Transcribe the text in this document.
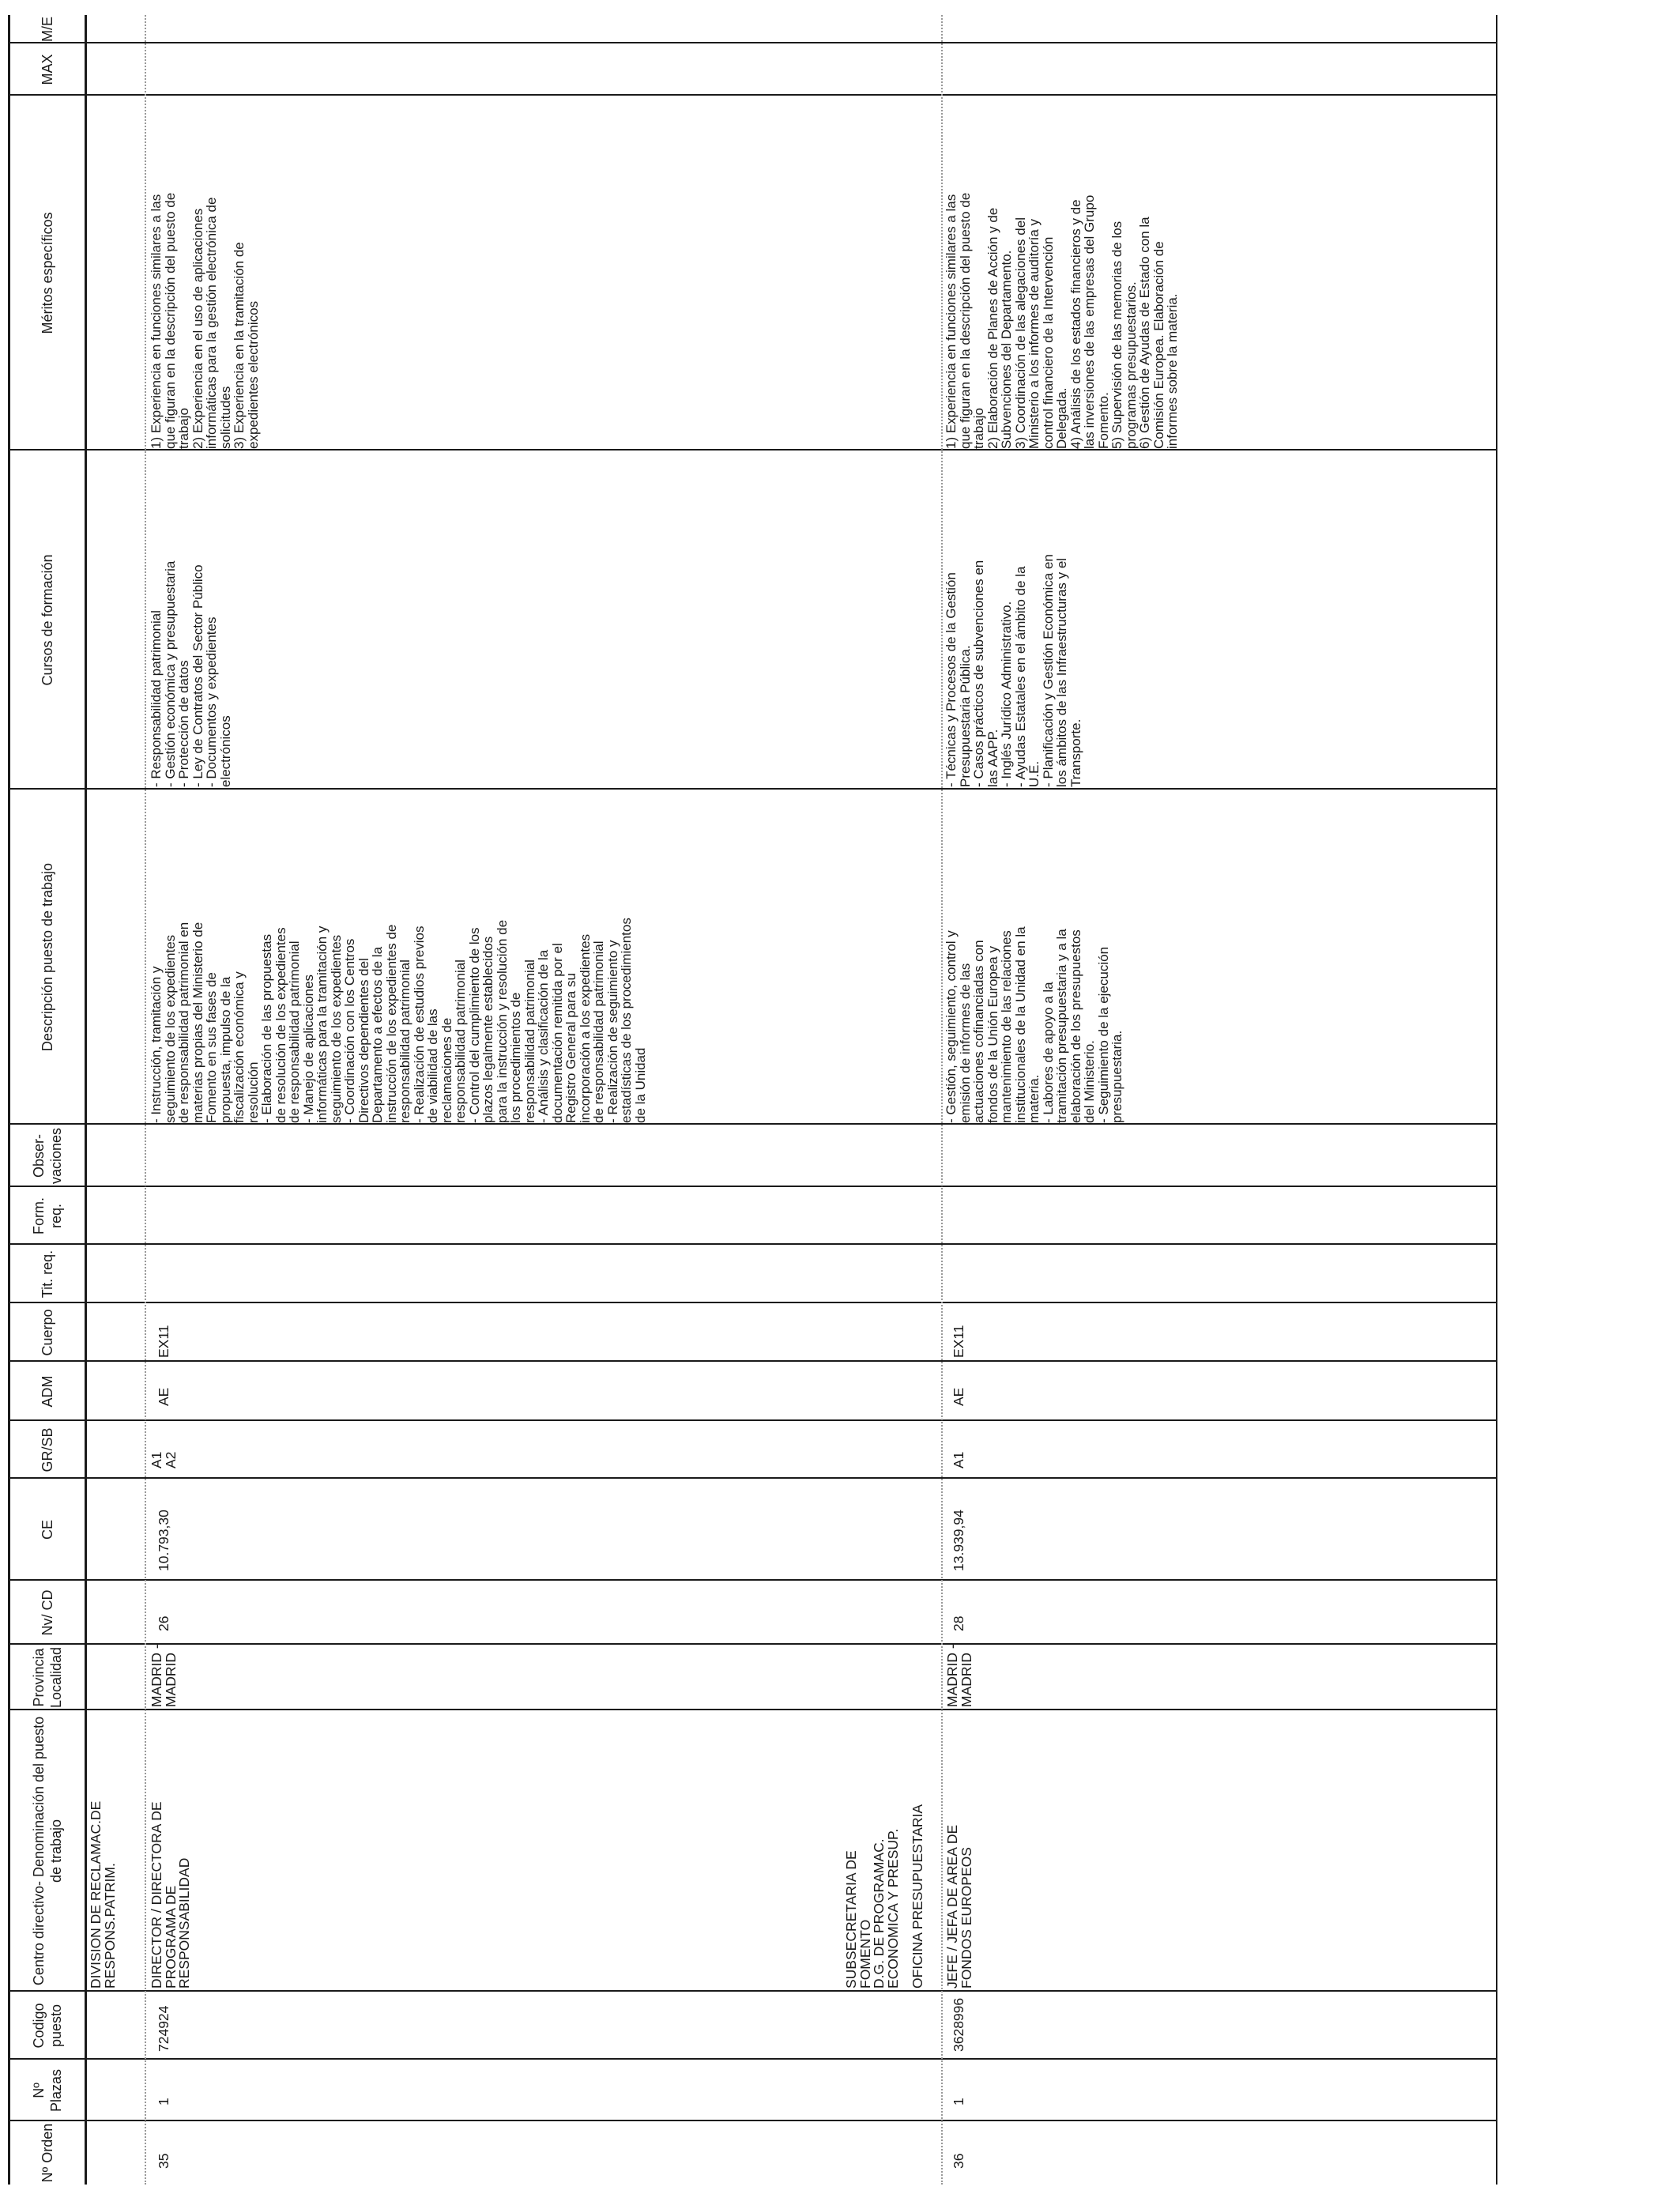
Nº Orden
Nº Plazas
Codigo puesto
Centro directivo- Denominación del puesto de trabajo
Provincia Localidad
Nv/ CD
CE
GR/SB
ADM
Cuerpo
Tit. req.
Form. req.
Obser- vaciones
Descripción puesto de trabajo
Cursos de formación
Méritos específicos
MAX
M/E
DIVISION DE RECLAMAC.DE
RESPONS.PATRIM.
35
1
724924
DIRECTOR / DIRECTORA DE
PROGRAMA DE
RESPONSABILIDAD
MADRID -
MADRID
26
10.793,30
A1
A2
AE
EX11
- Instrucción, tramitación y
seguimiento de los expedientes
de responsabilidad patrimonial en
materias propias del Ministerio de
Fomento en sus fases de
propuesta, impulso de la
fiscalización económica y
resolución
- Elaboración de las propuestas
de resolución de los expedientes
de responsabilidad patrimonial
- Manejo de aplicaciones
informáticas para la tramitación y
seguimiento de los expedientes
- Coordinación con los Centros
Directivos dependientes del
Departamento a efectos de la
instrucción de los expedientes de
responsabilidad patrimonial
- Realización de estudios previos
de viabilidad de las
reclamaciones de
responsabilidad patrimonial
- Control del cumplimiento de los
plazos legalmente establecidos
para la instrucción y resolución de
los procedimientos de
responsabilidad patrimonial
- Análisis y clasificación de la
documentación remitida por el
Registro General para su
incorporación a los expedientes
de responsabilidad patrimonial
- Realización de seguimiento y
estadísticas de los procedimientos
de la Unidad
- Responsabilidad patrimonial
- Gestión económica y presupuestaria
- Protección de datos
- Ley de Contratos del Sector Público
- Documentos y expedientes
electrónicos
1) Experiencia en funciones similares a las
que figuran en la descripción del puesto de
trabajo
2) Experiencia en el uso de aplicaciones
informáticas para la gestión electrónica de
solicitudes
3) Experiencia en la tramitación de
expedientes electrónicos
SUBSECRETARIA DE
FOMENTO
D.G. DE PROGRAMAC.
ECONOMICA Y PRESUP. OFICINA PRESUPUESTARIA
36
1
3628996
JEFE / JEFA DE AREA DE
FONDOS EUROPEOS
MADRID -
MADRID
28
13.939,94
A1
AE
EX11
- Gestión, seguimiento, control y
emisión de informes de las
actuaciones cofinanciadas con
fondos de la Unión Europea y
mantenimiento de las relaciones
institucionales de la Unidad en la
materia.
- Labores de apoyo a la
tramitación presupuestaria y a la
elaboración de los presupuestos
del Ministerio.
- Seguimiento de la ejecución
presupuestaria.
- Técnicas y Procesos de la Gestión
Presupuestaria Pública.
- Casos prácticos de subvenciones en
las AAPP.
- Inglés Jurídico Administrativo.
- Ayudas Estatales en el ámbito de la
U.E.
- Planificación y Gestión Económica en
los ámbitos de las Infraestructuras y el
Transporte.
1) Experiencia en funciones similares a las
que figuran en la descripción del puesto de
trabajo
2) Elaboración de Planes de Acción y de
Subvenciones del Departamento.
3) Coordinación de las alegaciones del
Ministerio a los informes de auditoría y
control financiero de la Intervención
Delegada.
4) Análisis de los estados financieros y de
las inversiones de las empresas del Grupo
Fomento.
5) Supervisión de las memorias de los
programas presupuestarios.
6) Gestión de Ayudas de Estado con la
Comisión Europea. Elaboración de
informes sobre la materia.
